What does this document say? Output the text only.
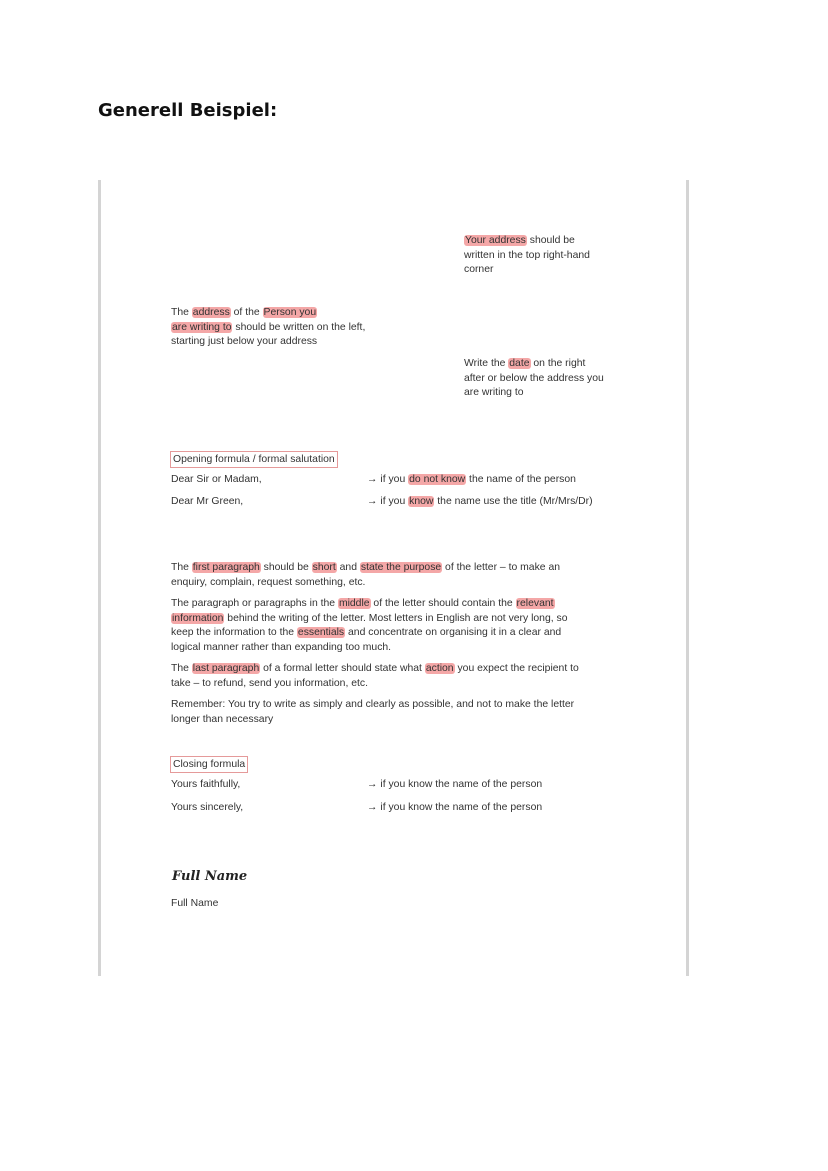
Generell Beispiel:

Your address should be

written in the top right-hand

corner

The address of the Person you

are writing to should be written on the left,

starting just below your address

Write the date on the right

after or below the address you

are writing to

Opening formula / formal salutation
Dear Sir or Madam,	→ if you do not know the name of the person
Dear Mr Green,	→ if you know the name use the title (Mr/Mrs/Dr)

The first paragraph should be short and state the purpose of the letter – to make an

enquiry, complain, request something, etc.

The paragraph or paragraphs in the middle of the letter should contain the relevant

information behind the writing of the letter. Most letters in English are not very long, so

keep the information to the essentials and concentrate on organising it in a clear and

logical manner rather than expanding too much.

The last paragraph of a formal letter should state what action you expect the recipient to

take – to refund, send you information, etc.

Remember: You try to write as simply and clearly as possible, and not to make the letter

longer than necessary

Closing formula
Yours faithfully,	→ if you know the name of the person
Yours sincerely,	→ if you know the name of the person
Full Name
Full Name
